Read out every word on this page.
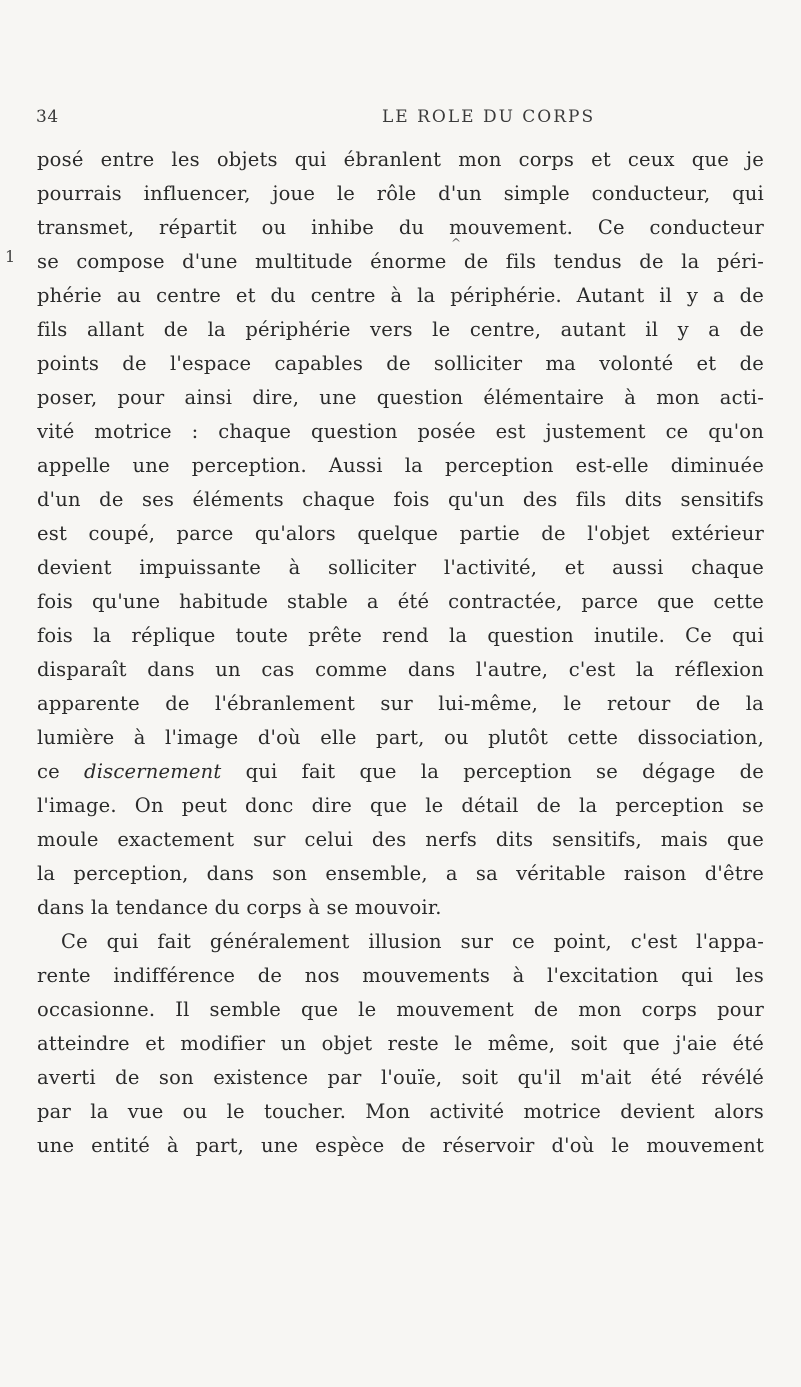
34	LE ROLE DU CORPS
1
^
posé entre les objets qui ébranlent mon corps et ceux que je
pourrais influencer, joue le rôle d'un simple conducteur, qui
transmet, répartit ou inhibe du mouvement. Ce conducteur
se compose d'une multitude énorme de fils tendus de la péri-
phérie au centre et du centre à la périphérie. Autant il y a de
fils allant de la périphérie vers le centre, autant il y a de
points de l'espace capables de solliciter ma volonté et de
poser, pour ainsi dire, une question élémentaire à mon acti-
vité motrice : chaque question posée est justement ce qu'on
appelle une perception. Aussi la perception est-elle diminuée
d'un de ses éléments chaque fois qu'un des fils dits sensitifs
est coupé, parce qu'alors quelque partie de l'objet extérieur
devient impuissante à solliciter l'activité, et aussi chaque
fois qu'une habitude stable a été contractée, parce que cette
fois la réplique toute prête rend la question inutile. Ce qui
disparaît dans un cas comme dans l'autre, c'est la réflexion
apparente de l'ébranlement sur lui-même, le retour de la
lumière à l'image d'où elle part, ou plutôt cette dissociation,
ce discernement qui fait que la perception se dégage de
l'image. On peut donc dire que le détail de la perception se
moule exactement sur celui des nerfs dits sensitifs, mais que
la perception, dans son ensemble, a sa véritable raison d'être
dans la tendance du corps à se mouvoir.
Ce qui fait généralement illusion sur ce point, c'est l'appa-
rente indifférence de nos mouvements à l'excitation qui les
occasionne. Il semble que le mouvement de mon corps pour
atteindre et modifier un objet reste le même, soit que j'aie été
averti de son existence par l'ouïe, soit qu'il m'ait été révélé
par la vue ou le toucher. Mon activité motrice devient alors
une entité à part, une espèce de réservoir d'où le mouvement
